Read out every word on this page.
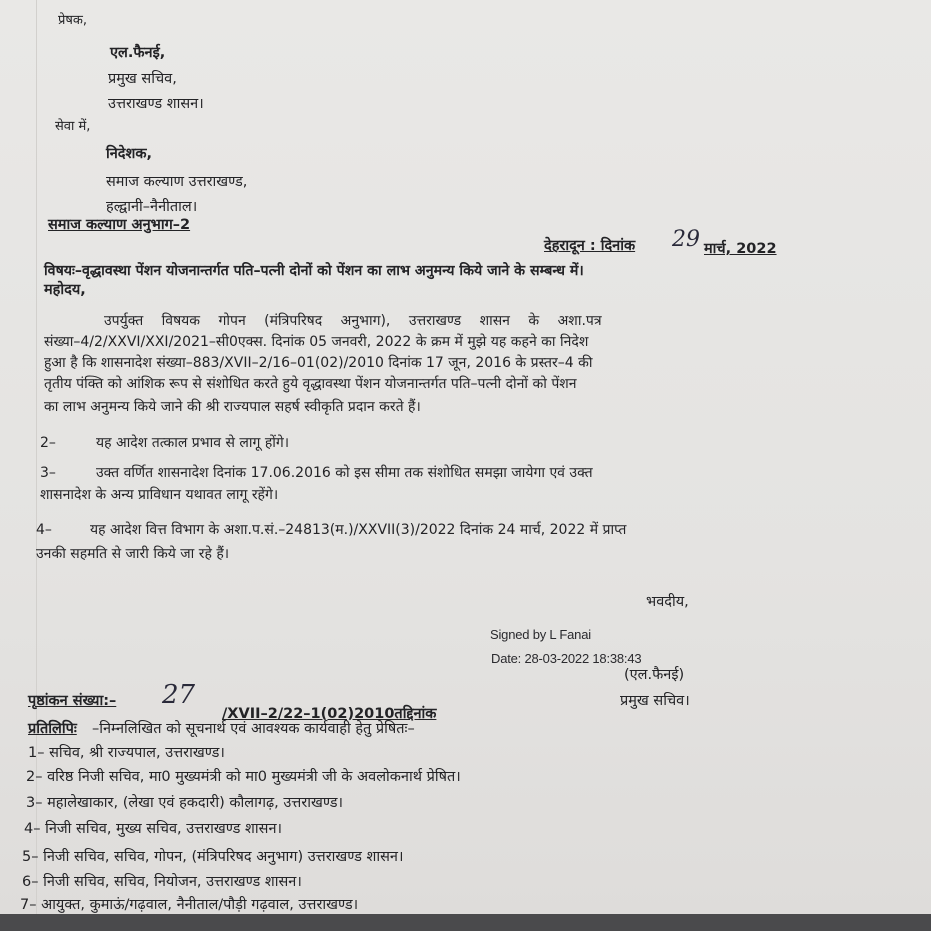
प्रेषक,
एल.फैनई,
प्रमुख सचिव,
उत्तराखण्ड शासन।
सेवा में,
निदेशक,
समाज कल्याण उत्तराखण्ड,
हल्द्वानी–नैनीताल।
समाज कल्याण अनुभाग–2
देहरादून : दिनांक 29 मार्च, 2022
विषयः–वृद्धावस्था पेंशन योजनान्तर्गत पति–पत्नी दोनों को पेंशन का लाभ अनुमन्य किये जाने के सम्बन्ध में।
महोदय,
उपर्युक्त विषयक गोपन (मंत्रिपरिषद अनुभाग), उत्तराखण्ड शासन के अशा.पत्र
संख्या–4/2/XXVI/XXI/2021–सी0एक्स. दिनांक 05 जनवरी, 2022 के क्रम में मुझे यह कहने का निदेश
हुआ है कि शासनादेश संख्या–883/XVII–2/16–01(02)/2010 दिनांक 17 जून, 2016 के प्रस्तर–4 की
तृतीय पंक्ति को आंशिक रूप से संशोधित करते हुये वृद्धावस्था पेंशन योजनान्तर्गत पति–पत्नी दोनों को पेंशन
का लाभ अनुमन्य किये जाने की श्री राज्यपाल सहर्ष स्वीकृति प्रदान करते हैं।
2–	यह आदेश तत्काल प्रभाव से लागू होंगे।
3–	उक्त वर्णित शासनादेश दिनांक 17.06.2016 को इस सीमा तक संशोधित समझा जायेगा एवं उक्त
शासनादेश के अन्य प्राविधान यथावत लागू रहेंगे।
4–	यह आदेश वित्त विभाग के अशा.प.सं.–24813(म.)/XXVII(3)/2022 दिनांक 24 मार्च, 2022 में प्राप्त
उनकी सहमति से जारी किये जा रहे हैं।
भवदीय,
Signed by L Fanai
Date: 28-03-2022 18:38:43
(एल.फैनई)
प्रमुख सचिव।
पृष्ठांकन संख्या:– 27
/XVII–2/22–1(02)2010तद्दिनांक
प्रतिलिपिः –निम्नलिखित को सूचनार्थ एवं आवश्यक कार्यवाही हेतु प्रेषितः–
1– सचिव, श्री राज्यपाल, उत्तराखण्ड।
2– वरिष्ठ निजी सचिव, मा0 मुख्यमंत्री को मा0 मुख्यमंत्री जी के अवलोकनार्थ प्रेषित।
3– महालेखाकार, (लेखा एवं हकदारी) कौलागढ़, उत्तराखण्ड।
4– निजी सचिव, मुख्य सचिव, उत्तराखण्ड शासन।
5– निजी सचिव, सचिव, गोपन, (मंत्रिपरिषद अनुभाग) उत्तराखण्ड शासन।
6– निजी सचिव, सचिव, नियोजन, उत्तराखण्ड शासन।
7– आयुक्त, कुमाऊं/गढ़वाल, नैनीताल/पौड़ी गढ़वाल, उत्तराखण्ड।
